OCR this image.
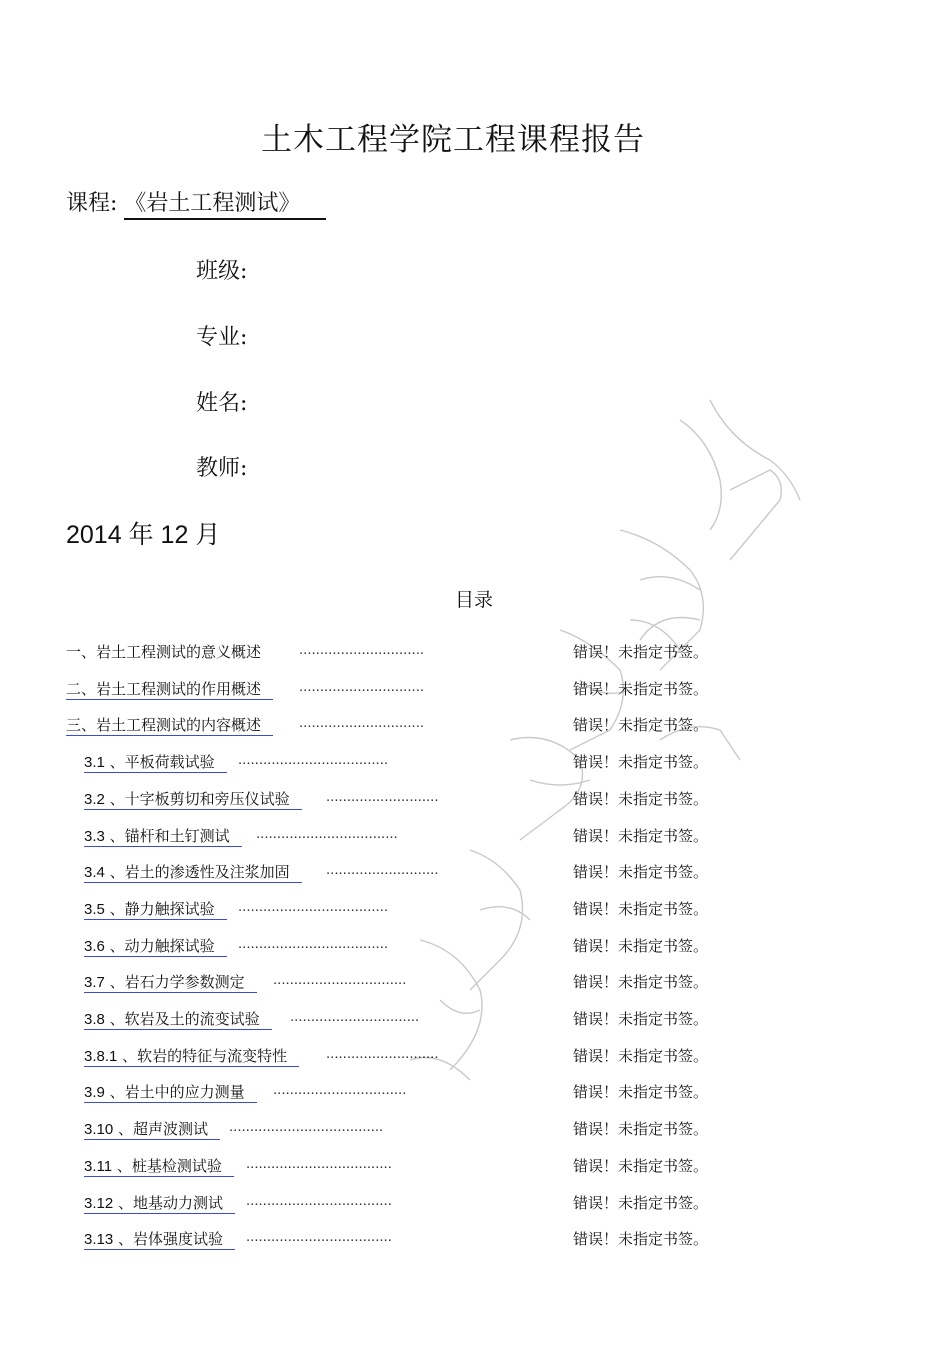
土木工程学院工程课程报告
课程: 《岩土工程测试》
班级:
专业:
姓名:
教师:
2014 年 12 月
目录
一、岩土工程测试的意义概述	..............................	错误！未指定书签。
二、岩土工程测试的作用概述	..............................	错误！未指定书签。
三、岩土工程测试的内容概述	..............................	错误！未指定书签。
3.1 、平板荷载试验	....................................	错误！未指定书签。
3.2 、十字板剪切和旁压仪试验	...........................	错误！未指定书签。
3.3 、锚杆和土钉测试	..................................	错误！未指定书签。
3.4 、岩土的渗透性及注浆加固	...........................	错误！未指定书签。
3.5 、静力触探试验	....................................	错误！未指定书签。
3.6 、动力触探试验	....................................	错误！未指定书签。
3.7 、岩石力学参数测定	................................	错误！未指定书签。
3.8 、软岩及土的流变试验	...............................	错误！未指定书签。
3.8.1 、软岩的特征与流变特性	...........................	错误！未指定书签。
3.9 、岩土中的应力测量	................................	错误！未指定书签。
3.10 、超声波测试	.....................................	错误！未指定书签。
3.11 、桩基检测试验	...................................	错误！未指定书签。
3.12 、地基动力测试	...................................	错误！未指定书签。
3.13 、岩体强度试验	...................................	错误！未指定书签。
